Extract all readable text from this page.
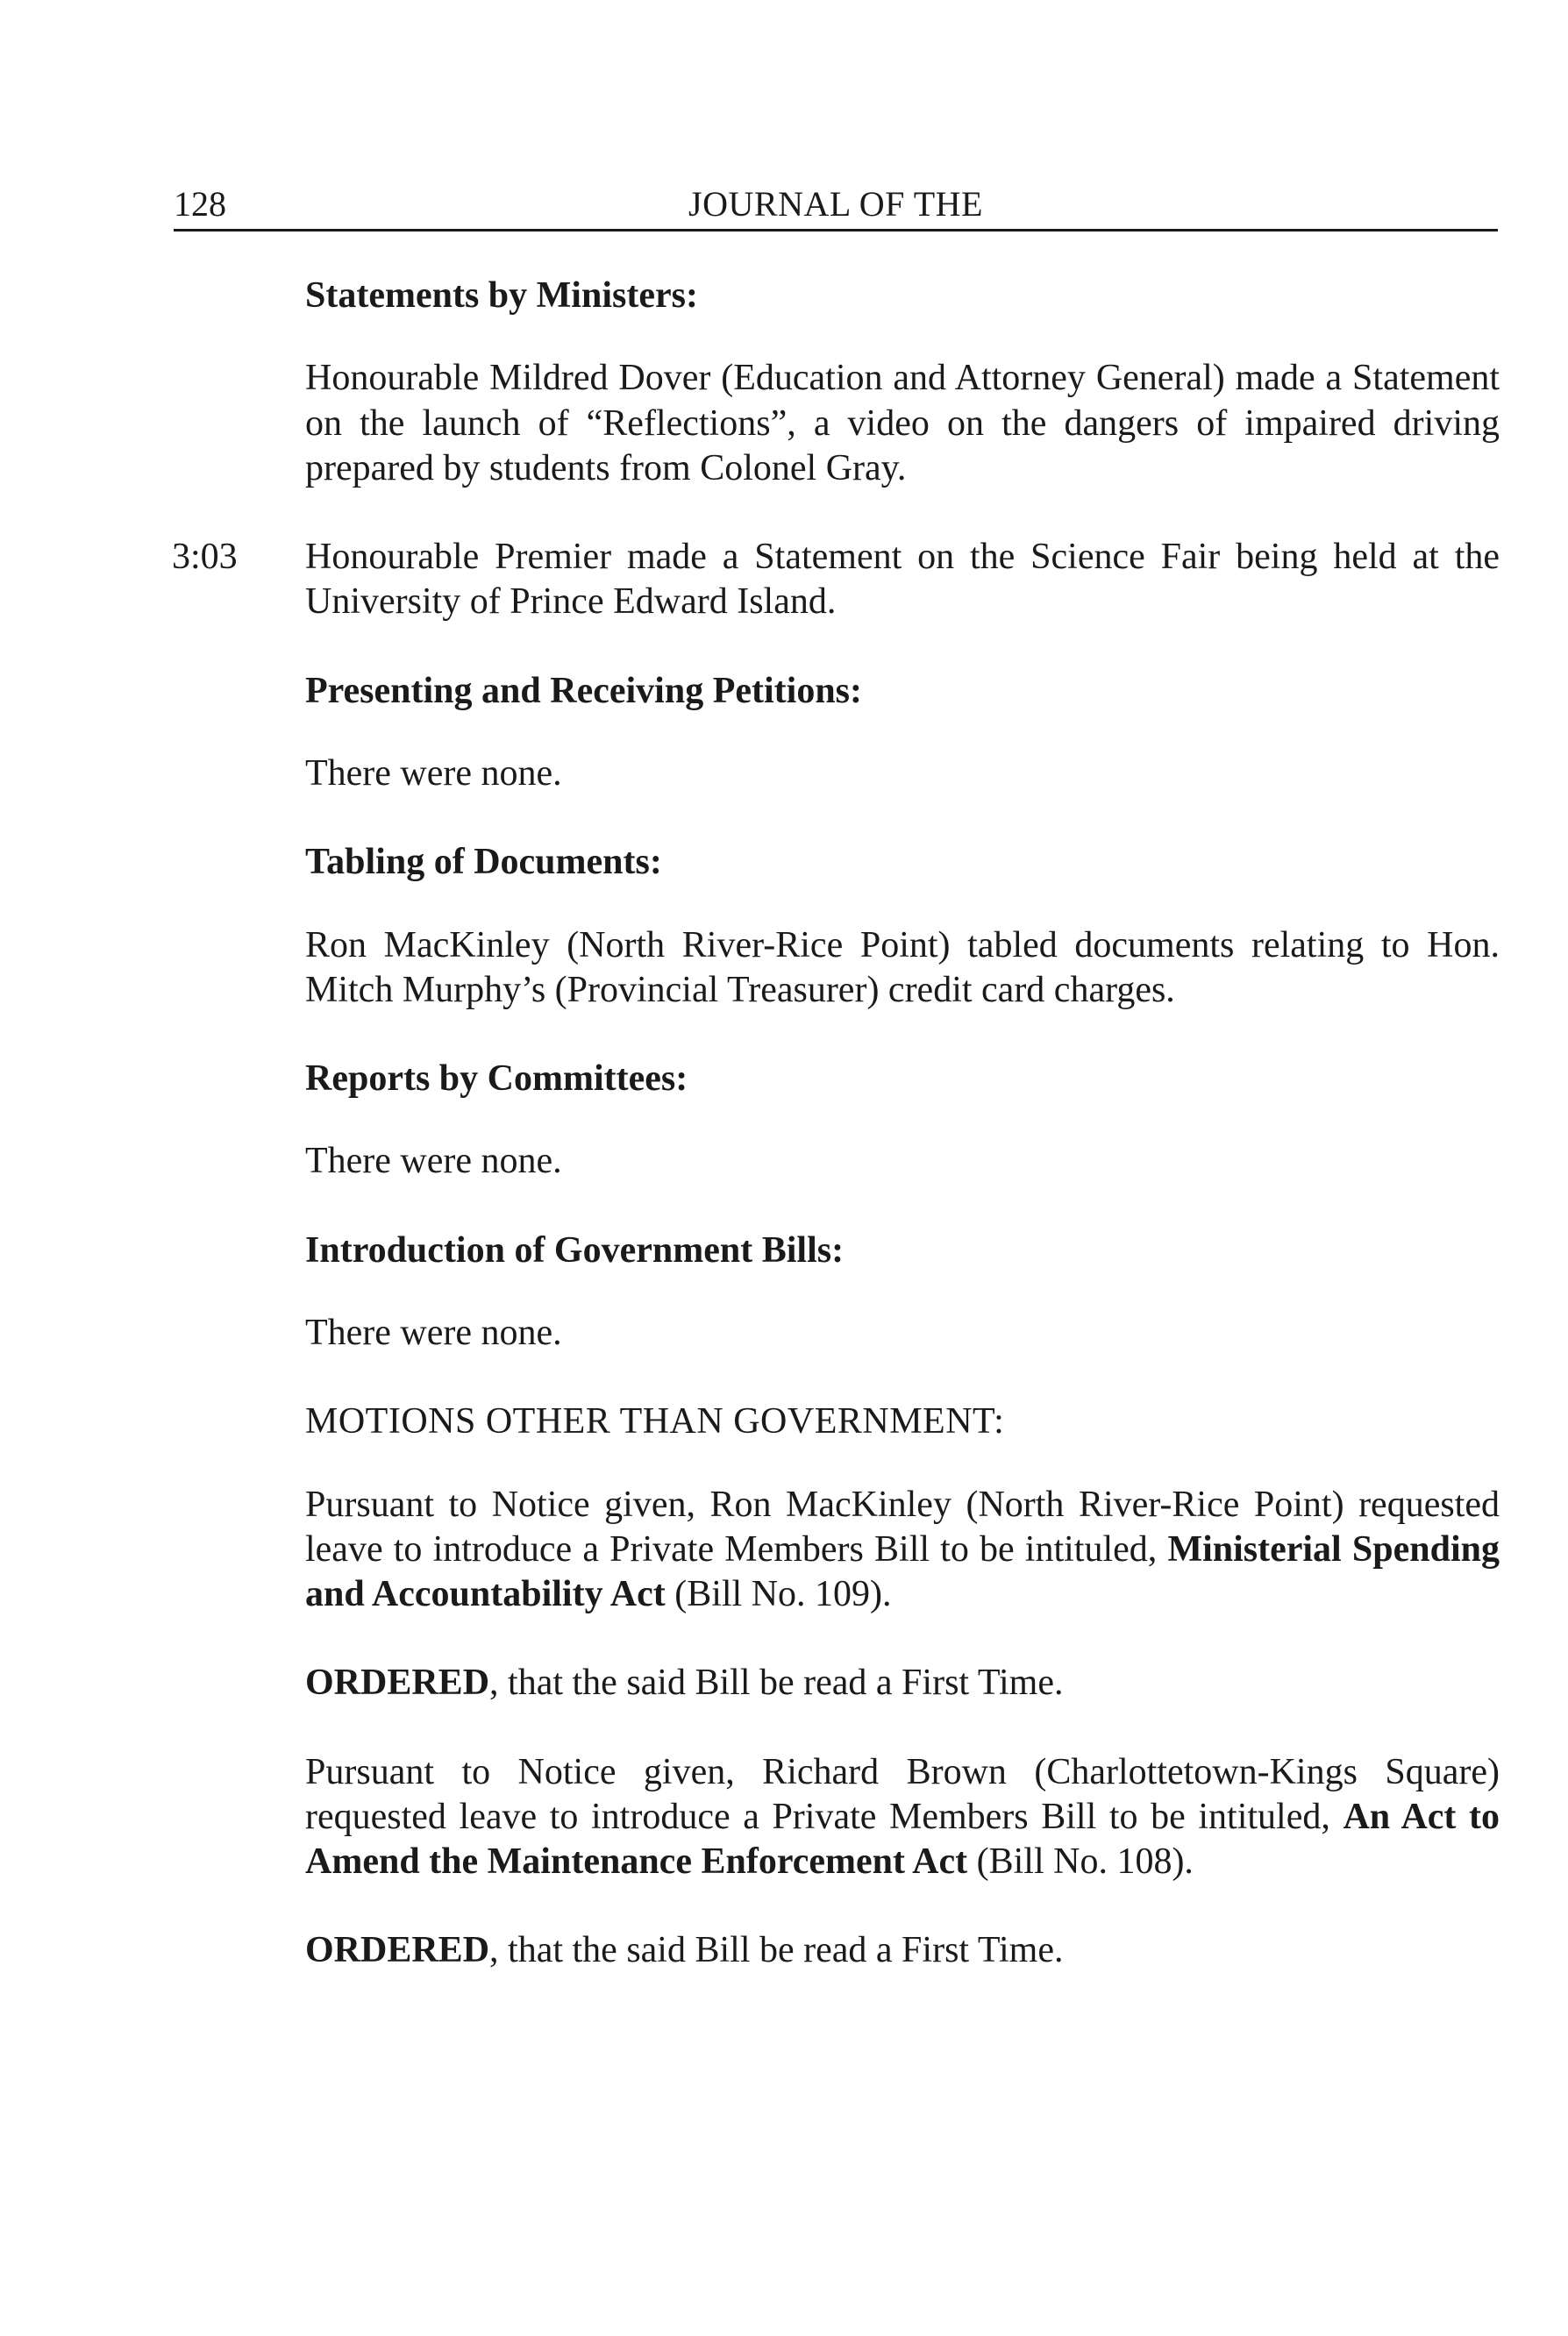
128	JOURNAL OF THE
Statements by Ministers:

Honourable Mildred Dover (Education and Attorney General) made a Statement on the launch of “Reflections”, a video on the dangers of impaired driving prepared by students from Colonel Gray.

3:03 Honourable Premier made a Statement on the Science Fair being held at the University of Prince Edward Island.

Presenting and Receiving Petitions:

There were none.

Tabling of Documents:

Ron MacKinley (North River-Rice Point) tabled documents relating to Hon. Mitch Murphy’s (Provincial Treasurer) credit card charges.

Reports by Committees:

There were none.

Introduction of Government Bills:

There were none.

MOTIONS OTHER THAN GOVERNMENT:

Pursuant to Notice given, Ron MacKinley (North River-Rice Point) requested leave to introduce a Private Members Bill to be intituled, Ministerial Spending and Accountability Act (Bill No. 109).

ORDERED, that the said Bill be read a First Time.

Pursuant to Notice given, Richard Brown (Charlottetown-Kings Square) requested leave to introduce a Private Members Bill to be intituled, An Act to Amend the Maintenance Enforcement Act (Bill No. 108).

ORDERED, that the said Bill be read a First Time.
